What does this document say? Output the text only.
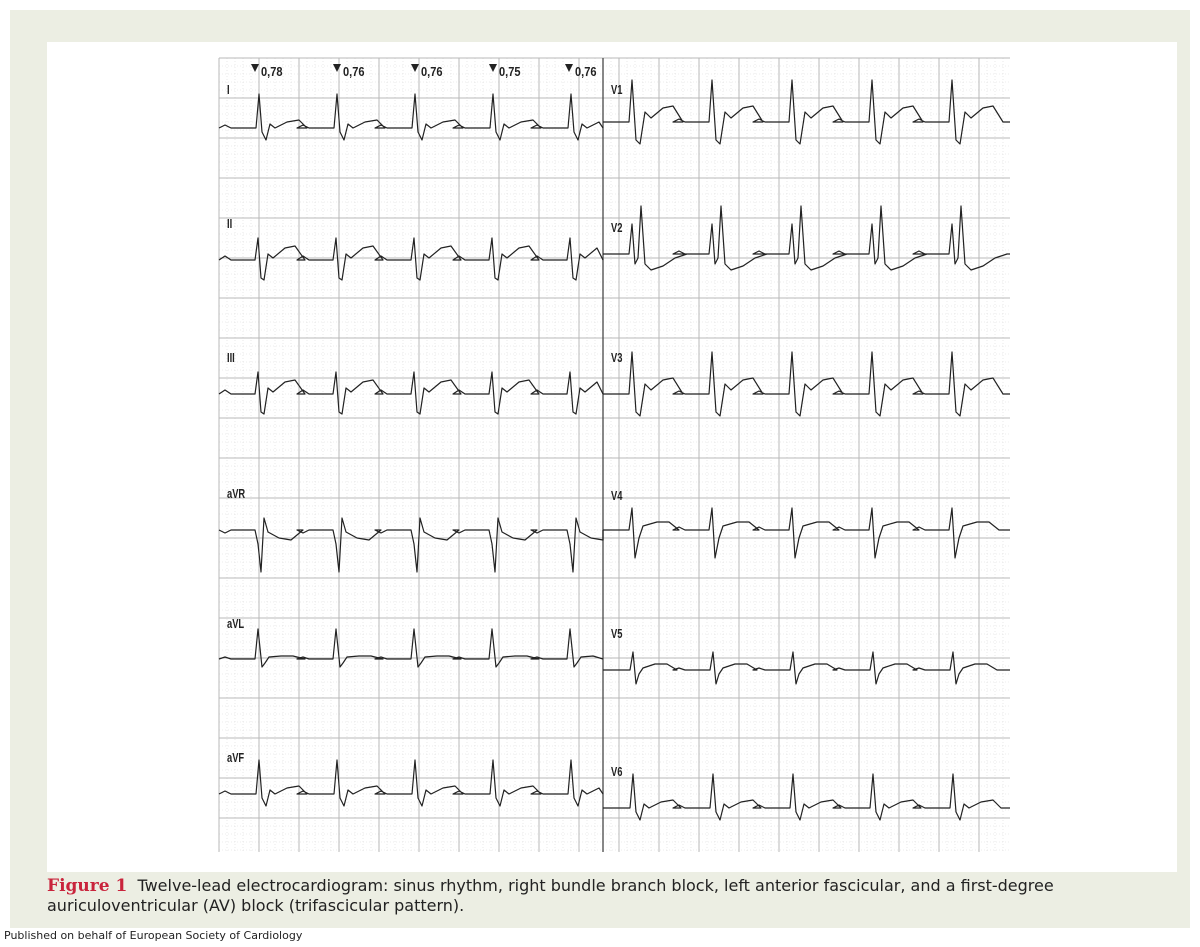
I
II
III
aVR
aVL
aVF
V1
V2
V3
V4
V5
V6
0,78	0,76	0,76	0,75	0,76

Figure 1 Twelve-lead electrocardiogram: sinus rhythm, right bundle branch block, left anterior fascicular, and a first-degree auriculoventricular (AV) block (trifascicular pattern).

Published on behalf of European Society of Cardiology
